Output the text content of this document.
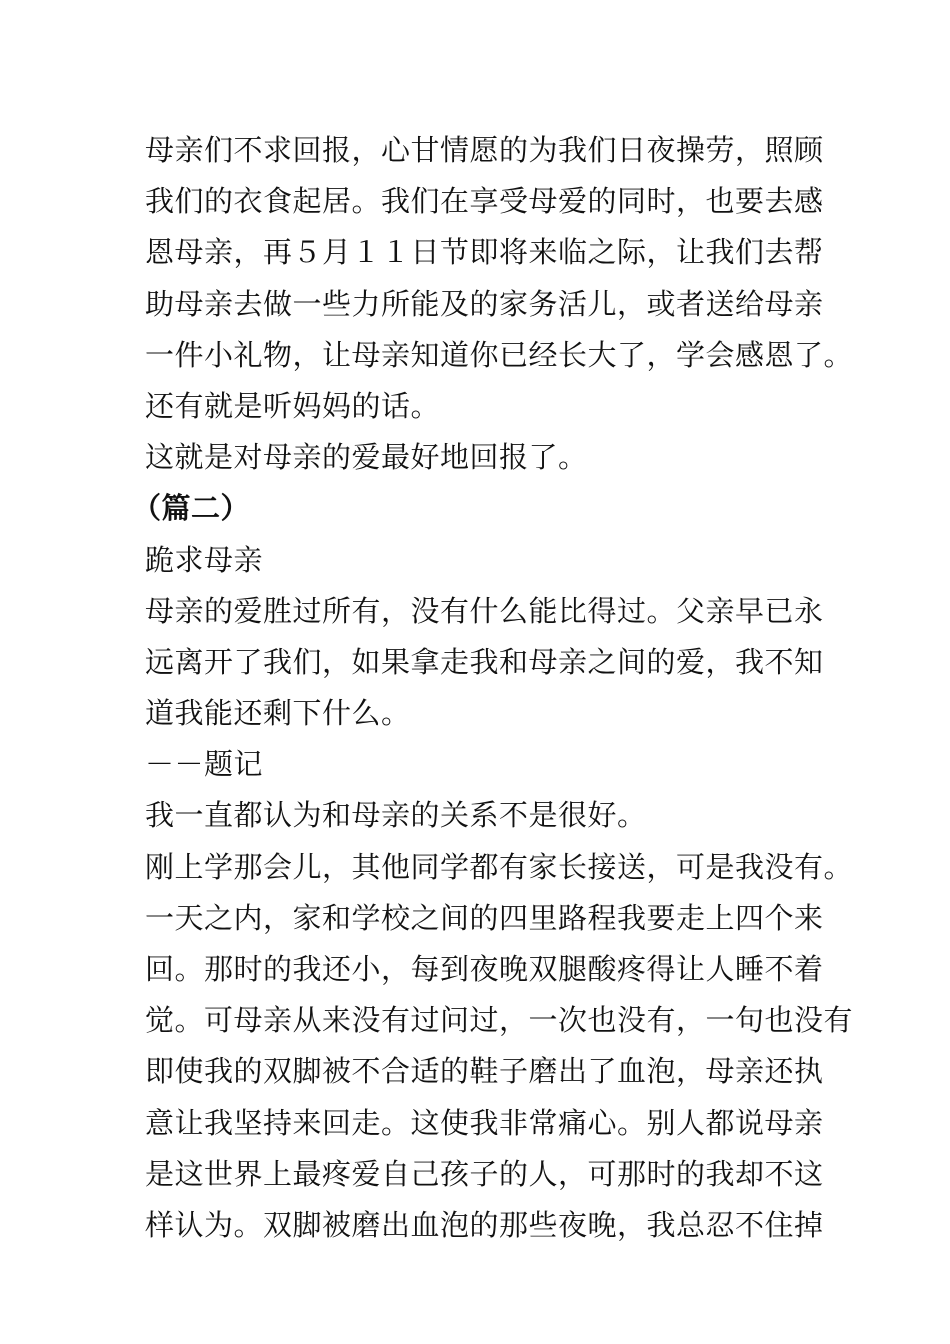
母亲们不求回报，心甘情愿的为我们日夜操劳，照顾
我们的衣食起居。我们在享受母爱的同时，也要去感
恩母亲，再５月１１日节即将来临之际，让我们去帮
助母亲去做一些力所能及的家务活儿，或者送给母亲
一件小礼物，让母亲知道你已经长大了，学会感恩了。
还有就是听妈妈的话。
这就是对母亲的爱最好地回报了。
（篇二）
跪求母亲
母亲的爱胜过所有，没有什么能比得过。父亲早已永
远离开了我们，如果拿走我和母亲之间的爱，我不知
道我能还剩下什么。
－－题记
我一直都认为和母亲的关系不是很好。
刚上学那会儿，其他同学都有家长接送，可是我没有。
一天之内，家和学校之间的四里路程我要走上四个来
回。那时的我还小，每到夜晚双腿酸疼得让人睡不着
觉。可母亲从来没有过问过，一次也没有，一句也没有
即使我的双脚被不合适的鞋子磨出了血泡，母亲还执
意让我坚持来回走。这使我非常痛心。别人都说母亲
是这世界上最疼爱自己孩子的人，可那时的我却不这
样认为。双脚被磨出血泡的那些夜晚，我总忍不住掉
